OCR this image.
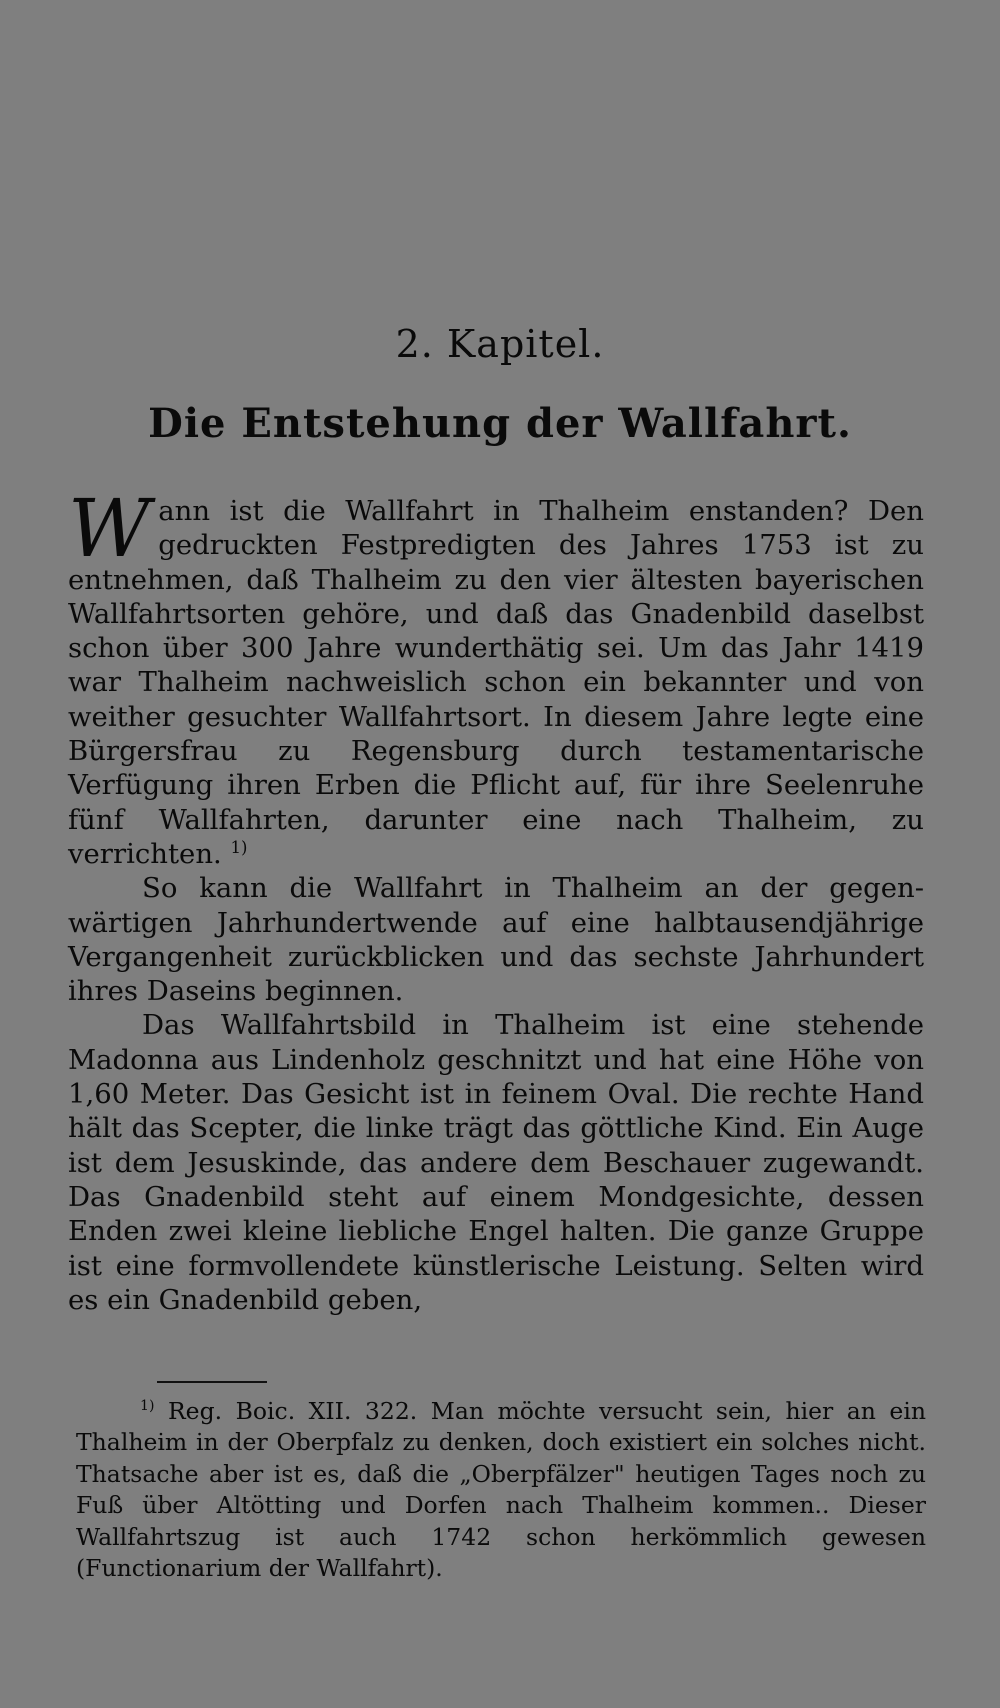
2. Kapitel.
Die Entstehung der Wallfahrt.

Wann ist die Wallfahrt in Thalheim enstanden? Den gedruckten Festpredigten des Jahres 1753 ist zu entnehmen, daß Thalheim zu den vier ältesten bayerischen Wallfahrtsorten gehöre, und daß das Gnadenbild daselbst schon über 300 Jahre wunderthätig sei. Um das Jahr 1419 war Thalheim nachweislich schon ein bekannter und von weither gesuchter Wallfahrtsort. In diesem Jahre legte eine Bürgersfrau zu Regensburg durch testamentarische Verfügung ihren Erben die Pflicht auf, für ihre Seelenruhe fünf Wallfahrten, darunter eine nach Thalheim, zu verrichten. $^{1)}$

So kann die Wallfahrt in Thalheim an der gegenwärtigen Jahrhundertwende auf eine halbtausendjährige Vergangenheit zurückblicken und das sechste Jahrhundert ihres Daseins beginnen.

Das Wallfahrtsbild in Thalheim ist eine stehende Madonna aus Lindenholz geschnitzt und hat eine Höhe von 1,60 Meter. Das Gesicht ist in feinem Oval. Die rechte Hand hält das Scepter, die linke trägt das göttliche Kind. Ein Auge ist dem Jesuskinde, das andere dem Beschauer zugewandt. Das Gnadenbild steht auf einem Mondgesichte, dessen Enden zwei kleine liebliche Engel halten. Die ganze Gruppe ist eine formvollendete künstlerische Leistung. Selten wird es ein Gnadenbild geben,

$^{1)}$ Reg. Boic. XII. 322. Man möchte versucht sein, hier an ein Thalheim in der Oberpfalz zu denken, doch existiert ein solches nicht. Thatsache aber ist es, daß die „Oberpfälzer" heutigen Tages noch zu Fuß über Altötting und Dorfen nach Thalheim kommen.. Dieser Wallfahrtszug ist auch 1742 schon herkömmlich gewesen (Functionarium der Wallfahrt).
